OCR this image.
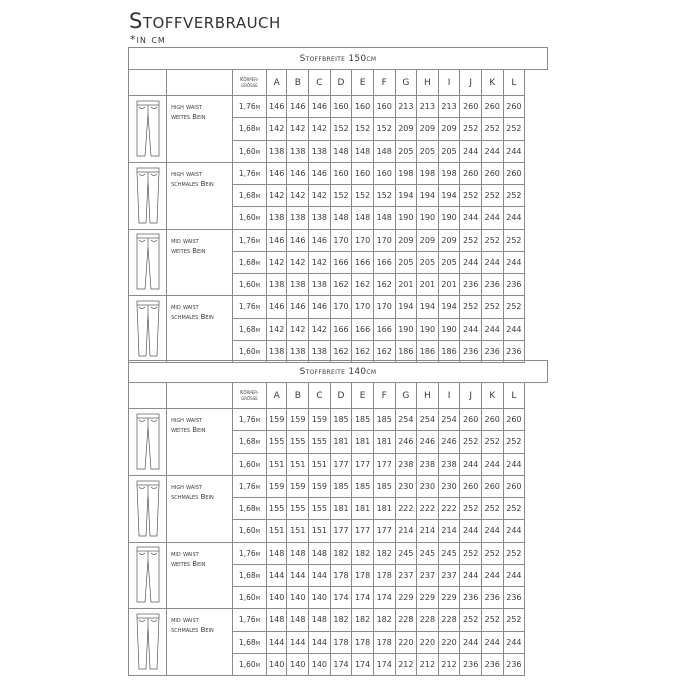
Stoffverbrauch
*in cm
Stoffbreite 150cm														
		Körper-grösse	A	B	C	D	E	F	G	H	I	J	K	L

high waist
weites Bein	1,76m	146	146	146	160	160	160	213	213	213	260	260	260
		1,68m	142	142	142	152	152	152	209	209	209	252	252	252
		1,60m	138	138	138	148	148	148	205	205	205	244	244	244

high waist
schmales Bein	1,76m	146	146	146	160	160	160	198	198	198	260	260	260
		1,68m	142	142	142	152	152	152	194	194	194	252	252	252
		1,60m	138	138	138	148	148	148	190	190	190	244	244	244

mid waist
weites Bein	1,76m	146	146	146	170	170	170	209	209	209	252	252	252
		1,68m	142	142	142	166	166	166	205	205	205	244	244	244
		1,60m	138	138	138	162	162	162	201	201	201	236	236	236

mid waist
schmales Bein	1,76m	146	146	146	170	170	170	194	194	194	252	252	252
		1,68m	142	142	142	166	166	166	190	190	190	244	244	244
		1,60m	138	138	138	162	162	162	186	186	186	236	236	236
Stoffbreite 140cm														
		Körper-grösse	A	B	C	D	E	F	G	H	I	J	K	L

high waist
weites Bein	1,76m	159	159	159	185	185	185	254	254	254	260	260	260
		1,68m	155	155	155	181	181	181	246	246	246	252	252	252
		1,60m	151	151	151	177	177	177	238	238	238	244	244	244

high waist
schmales Bein	1,76m	159	159	159	185	185	185	230	230	230	260	260	260
		1,68m	155	155	155	181	181	181	222	222	222	252	252	252
		1,60m	151	151	151	177	177	177	214	214	214	244	244	244

mid waist
weites Bein	1,76m	148	148	148	182	182	182	245	245	245	252	252	252
		1,68m	144	144	144	178	178	178	237	237	237	244	244	244
		1,60m	140	140	140	174	174	174	229	229	229	236	236	236

mid waist
schmales Bein	1,76m	148	148	148	182	182	182	228	228	228	252	252	252
		1,68m	144	144	144	178	178	178	220	220	220	244	244	244
		1,60m	140	140	140	174	174	174	212	212	212	236	236	236
